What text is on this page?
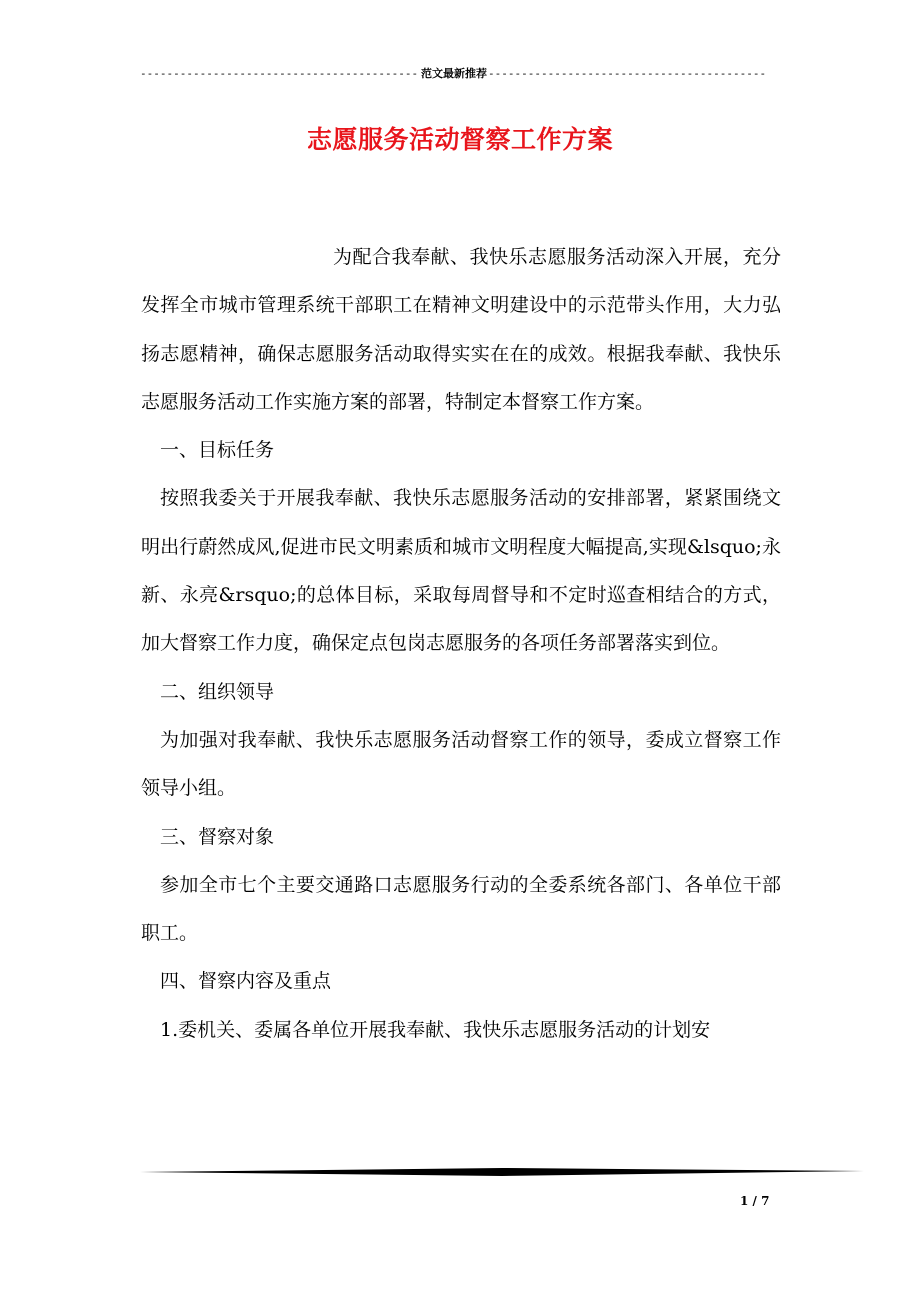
-----
范文最新推荐
-----
志愿服务活动督察工作方案

为配合我奉献、我快乐志愿服务活动深入开展，充分发挥全市城市管理系统干部职工在精神文明建设中的示范带头作用，大力弘扬志愿精神，确保志愿服务活动取得实实在在的成效。根据我奉献、我快乐志愿服务活动工作实施方案的部署，特制定本督察工作方案。

一、目标任务

按照我委关于开展我奉献、我快乐志愿服务活动的安排部署，紧紧围绕文明出行蔚然成风,促进市民文明素质和城市文明程度大幅提高,实现&lsquo;永新、永亮&rsquo;的总体目标，采取每周督导和不定时巡查相结合的方式，加大督察工作力度，确保定点包岗志愿服务的各项任务部署落实到位。

二、组织领导

为加强对我奉献、我快乐志愿服务活动督察工作的领导，委成立督察工作领导小组。

三、督察对象

参加全市七个主要交通路口志愿服务行动的全委系统各部门、各单位干部职工。

四、督察内容及重点

1.委机关、委属各单位开展我奉献、我快乐志愿服务活动的计划安

1 / 7
